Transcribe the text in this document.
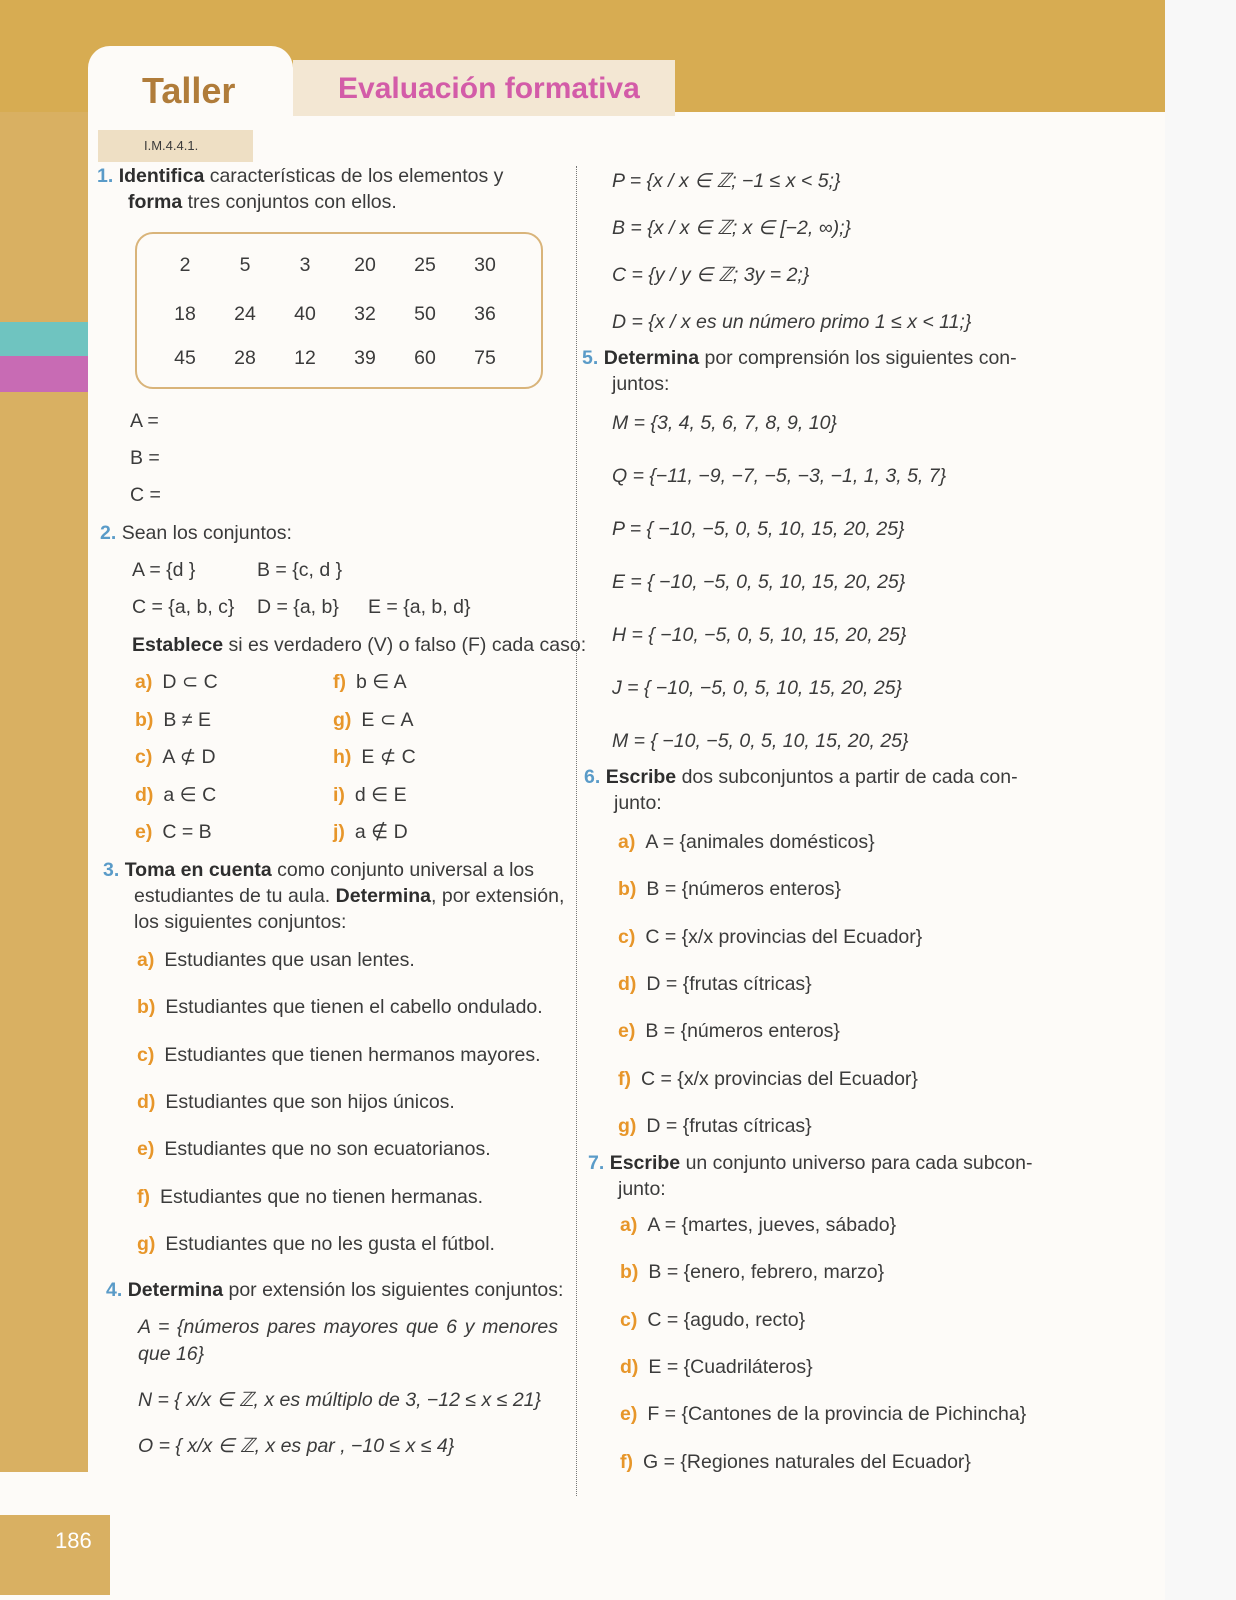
186
Taller	Evaluación formativa
I.M.4.4.1.
1. Identifica características de los elementos y
forma tres conjuntos con ellos.
2	5	3	20	25	30
18	24	40	32	50	36
45	28	12	39	60	75
A =
B =
C =
2. Sean los conjuntos:
A = {d }	B = {c, d }
C = {a, b, c} D = {a, b} E = {a, b, d}
Establece si es verdadero (V) o falso (F) cada caso:
a) D ⊂ C	f) b ∈ A
b) B ≠ E	g) E ⊂ A
c) A ⊄ D	h) E ⊄ C
d) a ∈ C	i) d ∈ E
e) C = B	j) a ∉ D
3. Toma en cuenta como conjunto universal a los
estudiantes de tu aula. Determina, por extensión,
los siguientes conjuntos:
a) Estudiantes que usan lentes.
b) Estudiantes que tienen el cabello ondulado.
c) Estudiantes que tienen hermanos mayores.
d) Estudiantes que son hijos únicos.
e) Estudiantes que no son ecuatorianos.
f) Estudiantes que no tienen hermanas.
g) Estudiantes que no les gusta el fútbol.
4. Determina por extensión los siguientes conjuntos:
A = {números pares mayores que 6 y menores que 16}
N = { x/x ∈ ℤ, x es múltiplo de 3, −12 ≤ x ≤ 21}
O = { x/x ∈ ℤ, x es par , −10 ≤ x ≤ 4}
P = {x / x ∈ ℤ; −1 ≤ x < 5;}
B = {x / x ∈ ℤ; x ∈ [−2, ∞);}
C = {y / y ∈ ℤ; 3y = 2;}
D = {x / x es un número primo 1 ≤ x < 11;}
5. Determina por comprensión los siguientes con-
juntos:
M = {3, 4, 5, 6, 7, 8, 9, 10}
Q = {−11, −9, −7, −5, −3, −1, 1, 3, 5, 7}
P = { −10, −5, 0, 5, 10, 15, 20, 25}
E = { −10, −5, 0, 5, 10, 15, 20, 25}
H = { −10, −5, 0, 5, 10, 15, 20, 25}
J = { −10, −5, 0, 5, 10, 15, 20, 25}
M = { −10, −5, 0, 5, 10, 15, 20, 25}
6. Escribe dos subconjuntos a partir de cada con-
junto:
a) A = {animales domésticos}
b) B = {números enteros}
c) C = {x/x provincias del Ecuador}
d) D = {frutas cítricas}
e) B = {números enteros}
f) C = {x/x provincias del Ecuador}
g) D = {frutas cítricas}
7. Escribe un conjunto universo para cada subcon-
junto:
a) A = {martes, jueves, sábado}
b) B = {enero, febrero, marzo}
c) C = {agudo, recto}
d) E = {Cuadriláteros}
e) F = {Cantones de la provincia de Pichincha}
f) G = {Regiones naturales del Ecuador}
